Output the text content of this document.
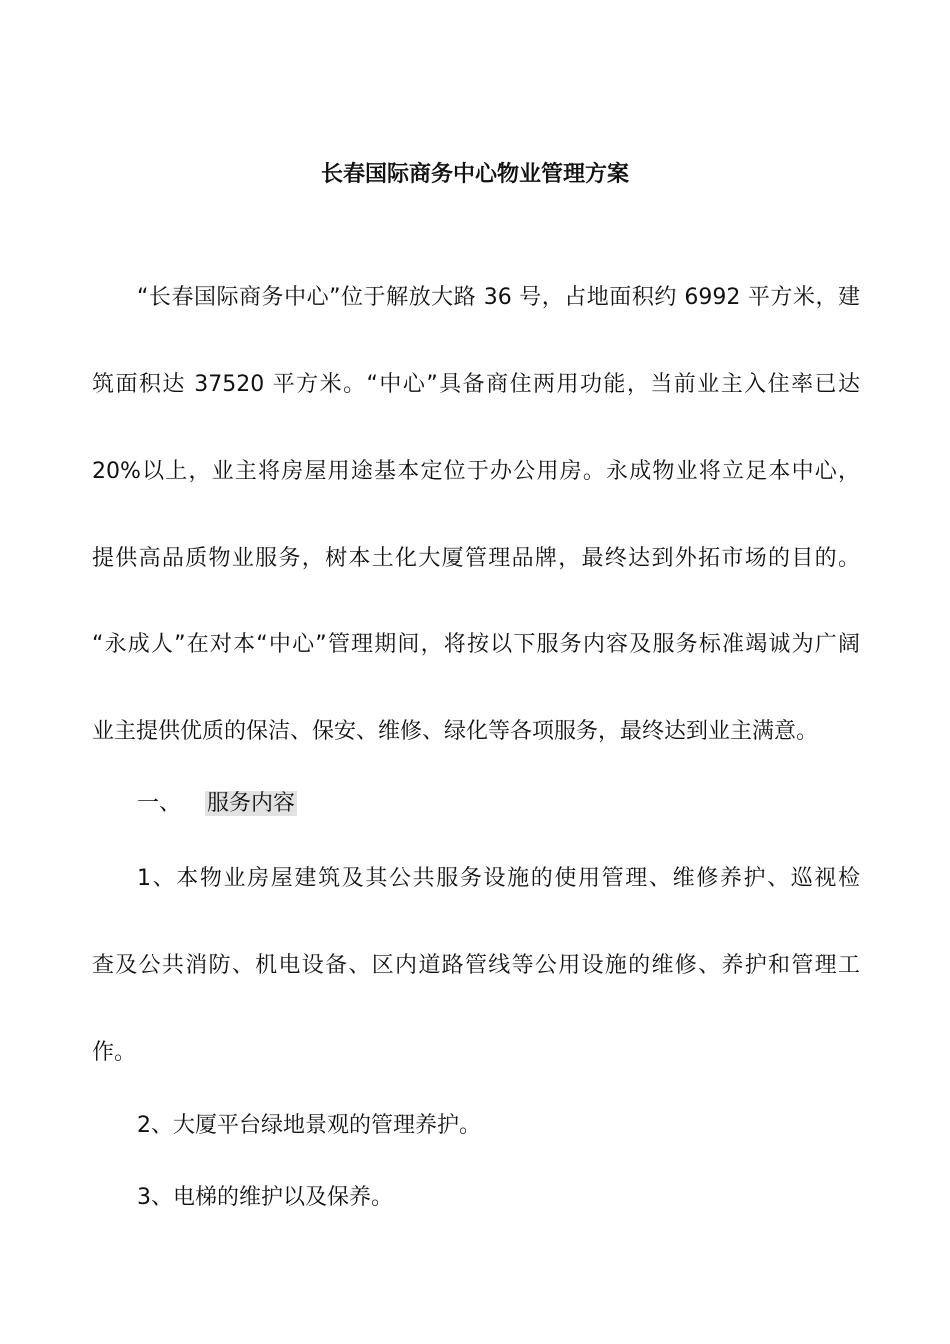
长春国际商务中心物业管理方案
“长春国际商务中心”位于解放大路 36 号，占地面积约 6992 平方米，建
筑面积达 37520 平方米。“中心”具备商住两用功能，当前业主入住率已达
20%以上，业主将房屋用途基本定位于办公用房。永成物业将立足本中心，
提供高品质物业服务，树本土化大厦管理品牌，最终达到外拓市场的目的。
“永成人”在对本“中心”管理期间，将按以下服务内容及服务标准竭诚为广阔
业主提供优质的保洁、保安、维修、绿化等各项服务，最终达到业主满意。
一、 服务内容
1、本物业房屋建筑及其公共服务设施的使用管理、维修养护、巡视检
查及公共消防、机电设备、区内道路管线等公用设施的维修、养护和管理工
作。
2、大厦平台绿地景观的管理养护。
3、电梯的维护以及保养。
